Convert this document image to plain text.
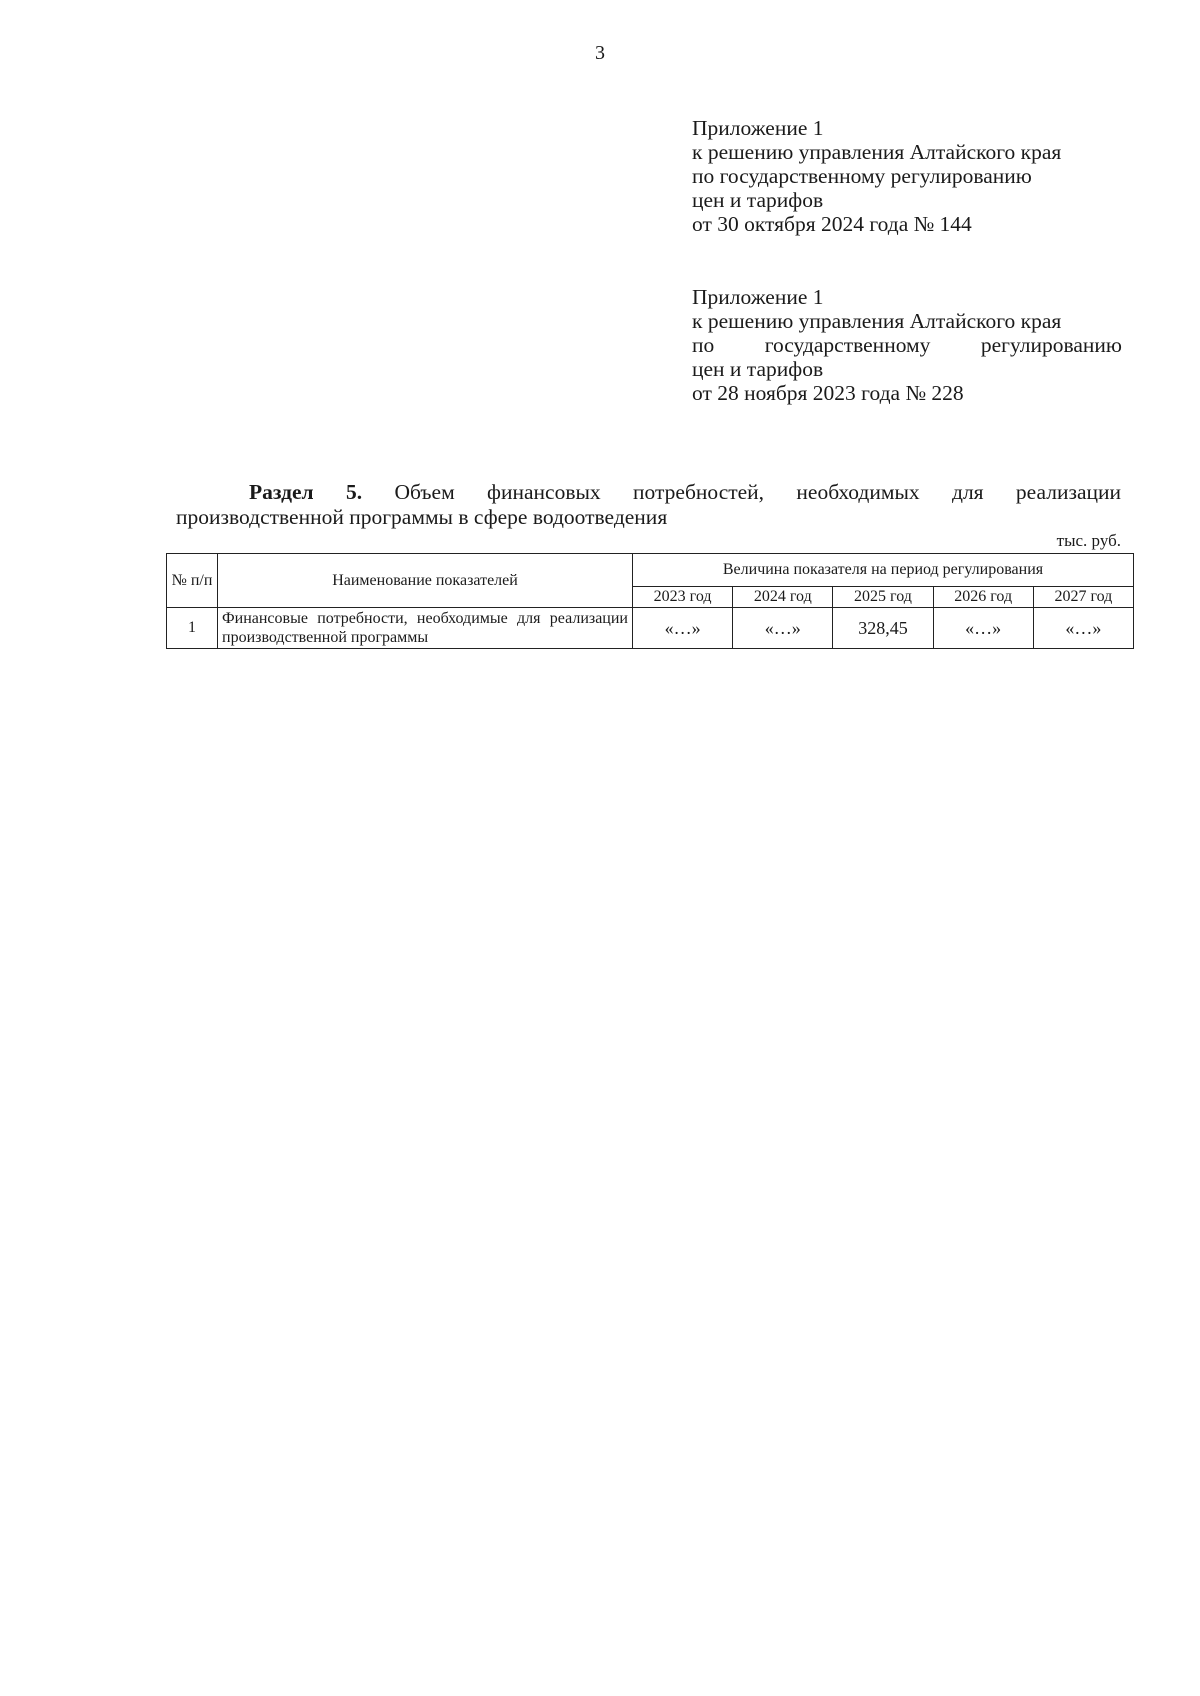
3
Приложение 1
к решению управления Алтайского края
по государственному регулированию
цен и тарифов
от 30 октября 2024 года № 144
Приложение 1
к решению управления Алтайского края
по государственному регулированию
цен и тарифов
от 28 ноября 2023 года № 228
Раздел 5. Объем финансовых потребностей, необходимых для реализации
производственной программы в сфере водоотведения
тыс. руб.
№ п/п	Наименование показателей	Величина показателя на период регулирования				
		2023 год	2024 год	2025 год	2026 год	2027 год
1	Финансовые потребности, необходимые для реализации производственной программы	«…»	«…»	328,45	«…»	«…»
